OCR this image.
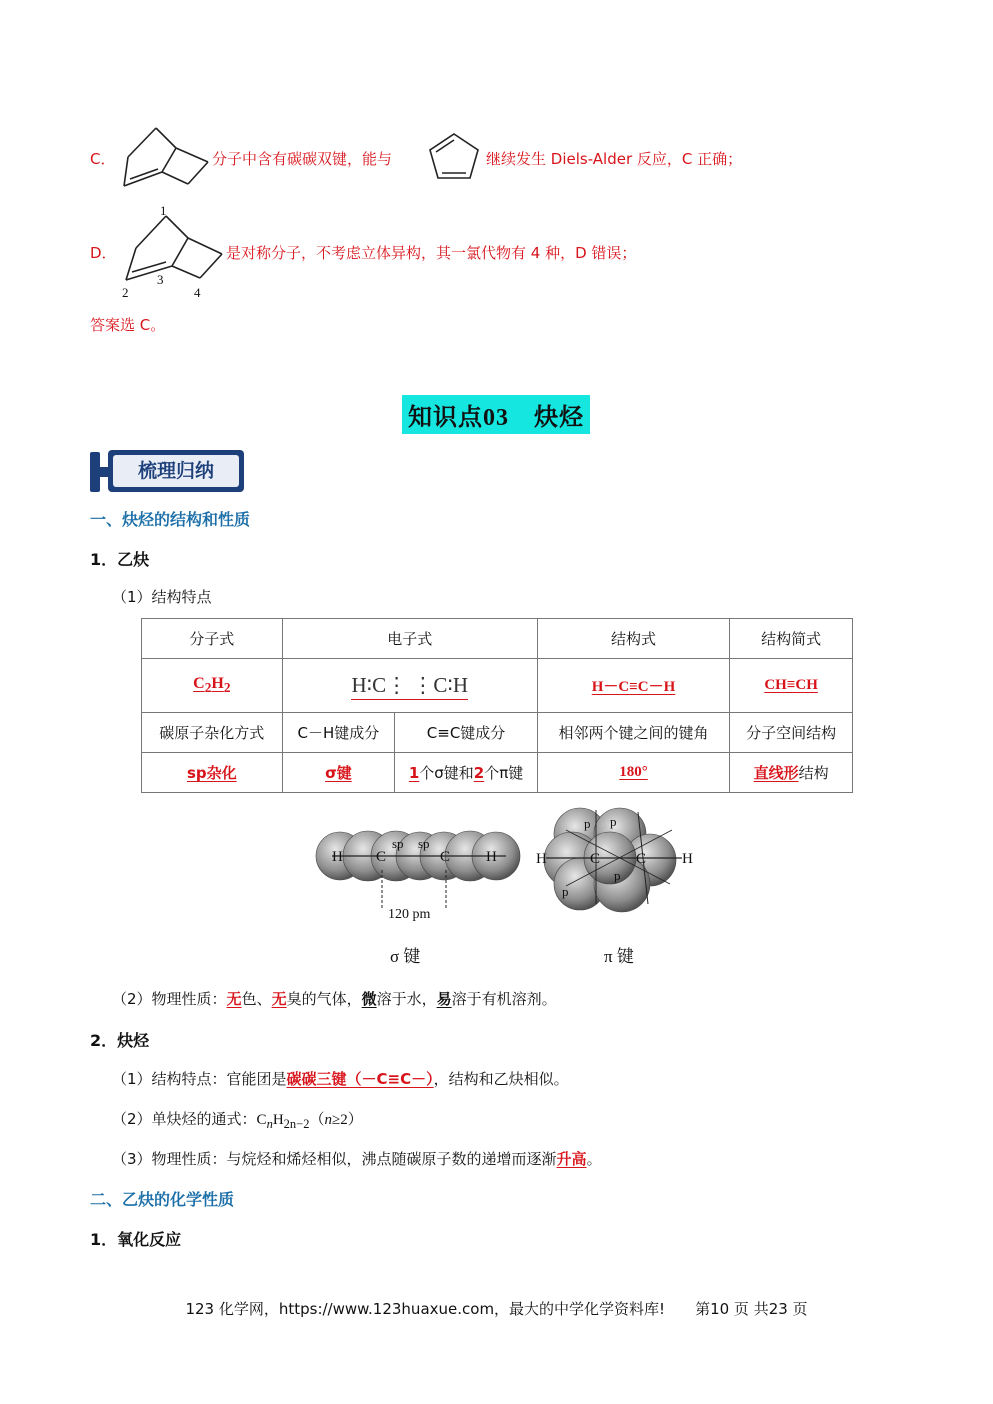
C．	分子中含有碳碳双键，能与	继续发生 Diels-Alder 反应，C 正确；
D．
1
2
3
4
是对称分子，不考虑立体异构，其一氯代物有 4 种，D 错误；
答案选 C。
知识点03　炔烃
梳理归纳
一、炔烃的结构和性质
1．乙炔
（1）结构特点
分子式	电子式		结构式	结构简式
$C_2H_2$	H∶C⋮ ⋮C∶H		H－C≡C－H	CH≡CH
碳原子杂化方式	C－H键成分	C≡C键成分	相邻两个键之间的键角	分子空间结构
sp杂化	σ键	1个σ键和2个π键	180°	直线形结构
H C	C H
sp sp
120 pm
σ 键
H	C C H
p p
p
p
π 键
（2）物理性质：无色、无臭的气体，微溶于水，易溶于有机溶剂。
2．炔烃
（1）结构特点：官能团是碳碳三键（－C≡C－），结构和乙炔相似。
（2）单炔烃的通式：$C_nH_{2n-2}(n\ge 2)$
（3）物理性质：与烷烃和烯烃相似，沸点随碳原子数的递增而逐渐升高。
二、乙炔的化学性质
1．氧化反应
123 化学网，https://www.123huaxue.com，最大的中学化学资料库!　　第10 页 共23 页
